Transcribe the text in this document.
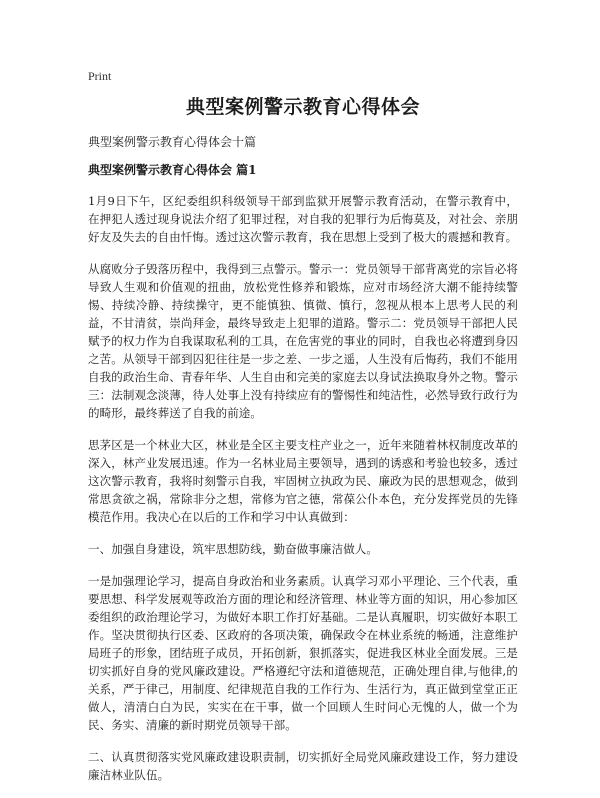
Print
典型案例警示教育心得体会
典型案例警示教育心得体会十篇
典型案例警示教育心得体会 篇1

1月9日下午，区纪委组织科级领导干部到监狱开展警示教育活动，在警示教育中，在押犯人透过现身说法介绍了犯罪过程，对自我的犯罪行为后悔莫及，对社会、亲朋好友及失去的自由忏悔。透过这次警示教育，我在思想上受到了极大的震撼和教育。

从腐败分子毁落历程中，我得到三点警示。警示一：党员领导干部背离党的宗旨必将导致人生观和价值观的扭曲，放松党性修养和锻炼，应对市场经济大潮不能持续警惕、持续冷静、持续操守，更不能慎独、慎微、慎行，忽视从根本上思考人民的利益，不甘清贫，崇尚拜金，最终导致走上犯罪的道路。警示二：党员领导干部把人民赋予的权力作为自我谋取私利的工具，在危害党的事业的同时，自我也必将遭到身囚之苦。从领导干部到囚犯往往是一步之差、一步之遥，人生没有后悔药，我们不能用自我的政治生命、青春年华、人生自由和完美的家庭去以身试法换取身外之物。警示三：法制观念淡薄，待人处事上没有持续应有的警惕性和纯洁性，必然导致行政行为的畸形，最终葬送了自我的前途。

思茅区是一个林业大区，林业是全区主要支柱产业之一，近年来随着林权制度改革的深入，林产业发展迅速。作为一名林业局主要领导，遇到的诱惑和考验也较多，透过这次警示教育，我将时刻警示自我，牢固树立执政为民、廉政为民的思想观念，做到常思贪欲之祸，常除非分之想，常修为官之德，常葆公仆本色，充分发挥党员的先锋模范作用。我决心在以后的工作和学习中认真做到：

一、加强自身建设，筑牢思想防线，勤奋做事廉洁做人。

一是加强理论学习，提高自身政治和业务素质。认真学习邓小平理论、三个代表，重要思想、科学发展观等政治方面的理论和经济管理、林业等方面的知识，用心参加区委组织的政治理论学习，为做好本职工作打好基础。二是认真履职，切实做好本职工作。坚决贯彻执行区委、区政府的各项决策，确保政令在林业系统的畅通，注意维护局班子的形象，团结班子成员，开拓创新，狠抓落实，促进我区林业全面发展。三是切实抓好自身的党风廉政建设。严格遵纪守法和道德规范，正确处理自律,与他律,的关系，严于律己，用制度、纪律规范自我的工作行为、生活行为，真正做到堂堂正正做人，清清白白为民，实实在在干事，做一个回顾人生时问心无愧的人，做一个为民、务实、清廉的新时期党员领导干部。

二、认真贯彻落实党风廉政建设职责制，切实抓好全局党风廉政建设工作，努力建设廉洁林业队伍。
